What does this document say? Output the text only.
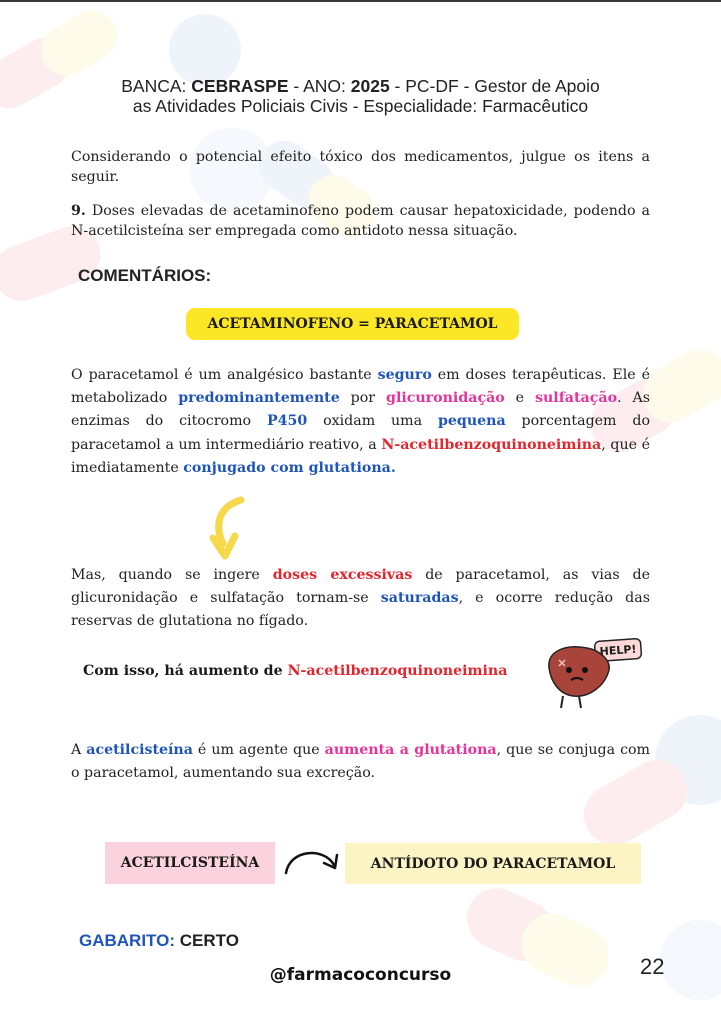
BANCA: CEBRASPE - ANO: 2025 - PC-DF - Gestor de Apoio
as Atividades Policiais Civis - Especialidade: Farmacêutico
Considerando o potencial efeito tóxico dos medicamentos, julgue os itens a seguir.
9. Doses elevadas de acetaminofeno podem causar hepatoxicidade, podendo a N-acetilcisteína ser empregada como antidoto nessa situação.
COMENTÁRIOS:
ACETAMINOFENO = PARACETAMOL
O paracetamol é um analgésico bastante seguro em doses terapêuticas. Ele é metabolizado predominantemente por glicuronidação e sulfatação. As enzimas do citocromo P450 oxidam uma pequena porcentagem do paracetamol a um intermediário reativo, a N-acetilbenzoquinoneimina, que é imediatamente conjugado com glutationa.
Mas, quando se ingere doses excessivas de paracetamol, as vias de glicuronidação e sulfatação tornam-se saturadas, e ocorre redução das reservas de glutationa no fígado.
Com isso, há aumento de N-acetilbenzoquinoneimina
HELP!
A acetilcisteína é um agente que aumenta a glutationa, que se conjuga com o paracetamol, aumentando sua excreção.
ACETILCISTEÍNA	ANTÍDOTO DO PARACETAMOL
GABARITO: CERTO
22
@farmacoconcurso
